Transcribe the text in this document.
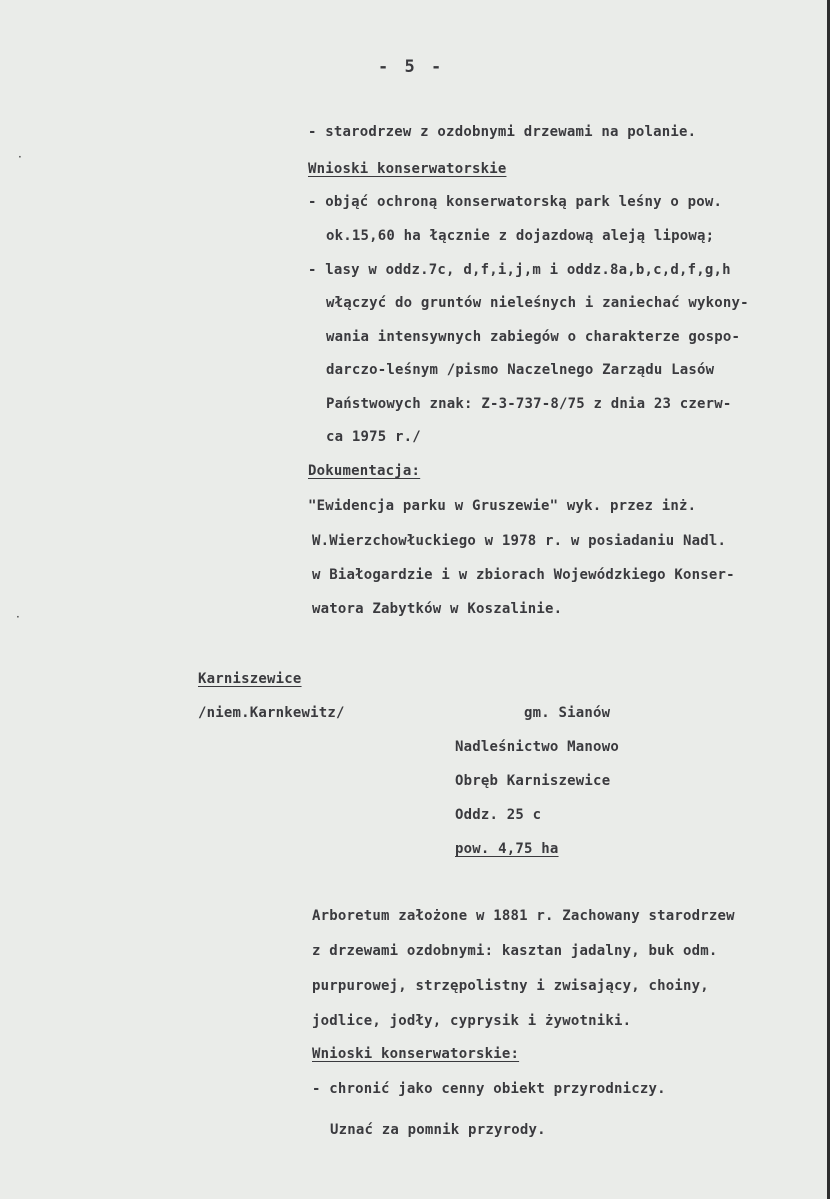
- 5 -
- starodrzew z ozdobnymi drzewami na polanie.
Wnioski konserwatorskie
- objąć ochroną konserwatorską park leśny o pow.
ok.15,60 ha łącznie z dojazdową aleją lipową;
- lasy w oddz.7c, d,f,i,j,m i oddz.8a,b,c,d,f,g,h
włączyć do gruntów nieleśnych i zaniechać wykony-
wania intensywnych zabiegów o charakterze gospo-
darczo-leśnym /pismo Naczelnego Zarządu Lasów
Państwowych znak: Z-3-737-8/75 z dnia 23 czerw-
ca 1975 r./
Dokumentacja:
"Ewidencja parku w Gruszewie" wyk. przez inż.
W.Wierzchowłuckiego w 1978 r. w posiadaniu Nadl.
w Białogardzie i w zbiorach Wojewódzkiego Konser-
watora Zabytków w Koszalinie.
Karniszewice
/niem.Karnkewitz/	gm. Sianów
Nadleśnictwo Manowo
Obręb Karniszewice
Oddz. 25 c
pow. 4,75 ha
Arboretum założone w 1881 r. Zachowany starodrzew
z drzewami ozdobnymi: kasztan jadalny, buk odm.
purpurowej, strzępolistny i zwisający, choiny,
jodlice, jodły, cyprysik i żywotniki.
Wnioski konserwatorskie:
- chronić jako cenny obiekt przyrodniczy.
Uznać za pomnik przyrody.
·
·
